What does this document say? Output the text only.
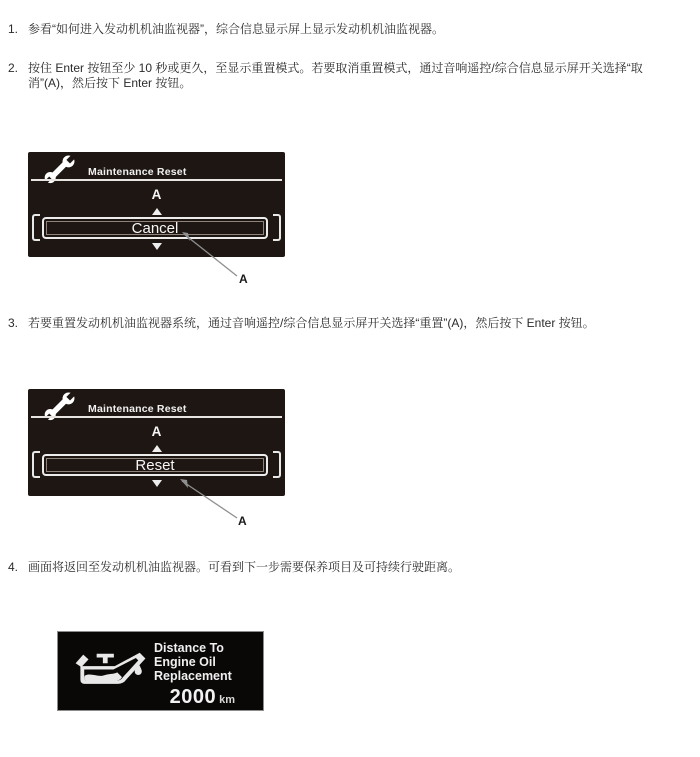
1. 参看“如何进入发动机机油监视器”，综合信息显示屏上显示发动机机油监视器。
2. 按住 Enter 按钮至少 10 秒或更久，至显示重置模式。若要取消重置模式，通过音响遥控/综合信息显示屏开关选择“取消”(A)，然后按下 Enter 按钮。
Maintenance Reset
A
Cancel
A
3. 若要重置发动机机油监视器系统，通过音响遥控/综合信息显示屏开关选择“重置”(A)，然后按下 Enter 按钮。
Maintenance Reset
A
Reset
A
4. 画面将返回至发动机机油监视器。可看到下一步需要保养项目及可持续行驶距离。
Distance To
Engine Oil
Replacement
2000 km
